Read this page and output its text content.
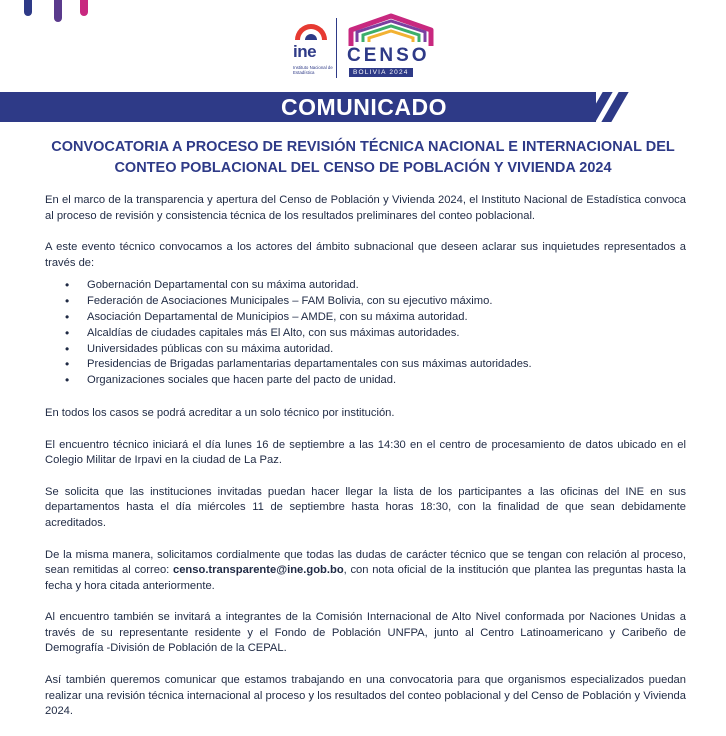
ine
Instituto Nacional de Estadística
CENSO
BOLIVIA 2024
COMUNICADO
CONVOCATORIA A PROCESO DE REVISIÓN TÉCNICA NACIONAL E INTERNACIONAL DEL CONTEO POBLACIONAL DEL CENSO DE POBLACIÓN Y VIVIENDA 2024

En el marco de la transparencia y apertura del Censo de Población y Vivienda 2024, el Instituto Nacional de Estadística convoca al proceso de revisión y consistencia técnica de los resultados preliminares del conteo poblacional.

A este evento técnico convocamos a los actores del ámbito subnacional que deseen aclarar sus inquietudes representados a través de:

• Gobernación Departamental con su máxima autoridad.
• Federación de Asociaciones Municipales – FAM Bolivia, con su ejecutivo máximo.
• Asociación Departamental de Municipios – AMDE, con su máxima autoridad.
• Alcaldías de ciudades capitales más El Alto, con sus máximas autoridades.
• Universidades públicas con su máxima autoridad.
• Presidencias de Brigadas parlamentarias departamentales con sus máximas autoridades.
• Organizaciones sociales que hacen parte del pacto de unidad.

En todos los casos se podrá acreditar a un solo técnico por institución.

El encuentro técnico iniciará el día lunes 16 de septiembre a las 14:30 en el centro de procesamiento de datos ubicado en el Colegio Militar de Irpavi en la ciudad de La Paz.

Se solicita que las instituciones invitadas puedan hacer llegar la lista de los participantes a las oficinas del INE en sus departamentos hasta el día miércoles 11 de septiembre hasta horas 18:30, con la finalidad de que sean debidamente acreditados.

De la misma manera, solicitamos cordialmente que todas las dudas de carácter técnico que se tengan con relación al proceso, sean remitidas al correo: censo.transparente@ine.gob.bo, con nota oficial de la institución que plantea las preguntas hasta la fecha y hora citada anteriormente.

Al encuentro también se invitará a integrantes de la Comisión Internacional de Alto Nivel conformada por Naciones Unidas a través de su representante residente y el Fondo de Población UNFPA, junto al Centro Latinoamericano y Caribeño de Demografía -División de Población de la CEPAL.

Así también queremos comunicar que estamos trabajando en una convocatoria para que organismos especializados puedan realizar una revisión técnica internacional al proceso y los resultados del conteo poblacional y del Censo de Población y Vivienda 2024.
